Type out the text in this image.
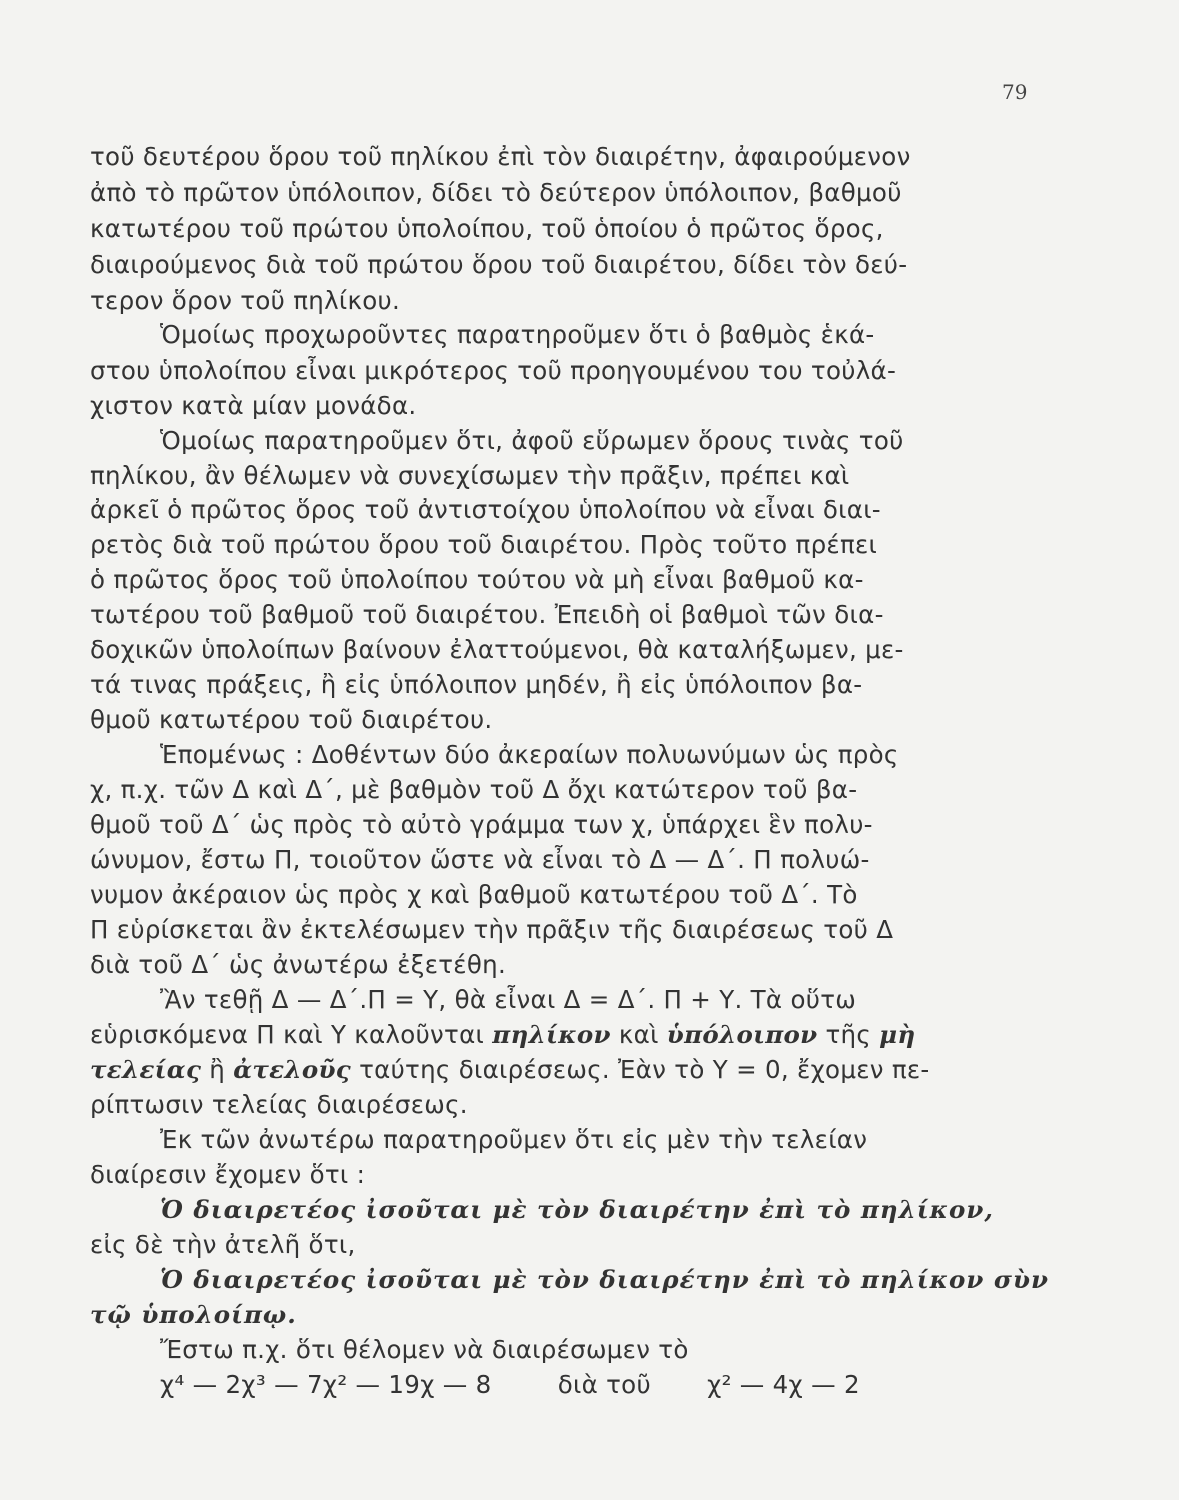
79
τοῦ δευτέρου ὅρου τοῦ πηλίκου ἐπὶ τὸν διαιρέτην, ἀφαιρούμενον
ἀπὸ τὸ πρῶτον ὑπόλοιπον, δίδει τὸ δεύτερον ὑπόλοιπον, βαθμοῦ
κατωτέρου τοῦ πρώτου ὑπολοίπου, τοῦ ὁποίου ὁ πρῶτος ὅρος,
διαιρούμενος διὰ τοῦ πρώτου ὅρου τοῦ διαιρέτου, δίδει τὸν δεύ-
τερον ὅρον τοῦ πηλίκου.
Ὁμοίως προχωροῦντες παρατηροῦμεν ὅτι ὁ βαθμὸς ἑκά-
στου ὑπολοίπου εἶναι μικρότερος τοῦ προηγουμένου του τοὐλά-
χιστον κατὰ μίαν μονάδα.
Ὁμοίως παρατηροῦμεν ὅτι, ἀφοῦ εὕρωμεν ὅρους τινὰς τοῦ
πηλίκου, ἂν θέλωμεν νὰ συνεχίσωμεν τὴν πρᾶξιν, πρέπει καὶ
ἀρκεῖ ὁ πρῶτος ὅρος τοῦ ἀντιστοίχου ὑπολοίπου νὰ εἶναι διαι-
ρετὸς διὰ τοῦ πρώτου ὅρου τοῦ διαιρέτου. Πρὸς τοῦτο πρέπει
ὁ πρῶτος ὅρος τοῦ ὑπολοίπου τούτου νὰ μὴ εἶναι βαθμοῦ κα-
τωτέρου τοῦ βαθμοῦ τοῦ διαιρέτου. Ἐπειδὴ οἱ βαθμοὶ τῶν δια-
δοχικῶν ὑπολοίπων βαίνουν ἐλαττούμενοι, θὰ καταλήξωμεν, με-
τά τινας πράξεις, ἢ εἰς ὑπόλοιπον μηδέν, ἢ εἰς ὑπόλοιπον βα-
θμοῦ κατωτέρου τοῦ διαιρέτου.
Ἑπομένως : Δοθέντων δύο ἀκεραίων πολυωνύμων ὡς πρὸς
χ, π.χ. τῶν Δ καὶ Δ΄, μὲ βαθμὸν τοῦ Δ ὄχι κατώτερον τοῦ βα-
θμοῦ τοῦ Δ΄ ὡς πρὸς τὸ αὐτὸ γράμμα των χ, ὑπάρχει ἓν πολυ-
ώνυμον, ἔστω Π, τοιοῦτον ὥστε νὰ εἶναι τὸ Δ — Δ΄. Π πολυώ-
νυμον ἀκέραιον ὡς πρὸς χ καὶ βαθμοῦ κατωτέρου τοῦ Δ΄. Τὸ
Π εὑρίσκεται ἂν ἐκτελέσωμεν τὴν πρᾶξιν τῆς διαιρέσεως τοῦ Δ
διὰ τοῦ Δ΄ ὡς ἀνωτέρω ἐξετέθη.
Ἂν τεθῇ Δ — Δ΄.Π = Υ, θὰ εἶναι Δ = Δ΄. Π + Υ. Τὰ οὕτω
εὑρισκόμενα Π καὶ Υ καλοῦνται πηλίκον καὶ ὑπόλοιπον τῆς μὴ
τελείας ἢ ἀτελοῦς ταύτης διαιρέσεως. Ἐὰν τὸ Υ = 0, ἔχομεν πε-
ρίπτωσιν τελείας διαιρέσεως.
Ἐκ τῶν ἀνωτέρω παρατηροῦμεν ὅτι εἰς μὲν τὴν τελείαν
διαίρεσιν ἔχομεν ὅτι :
Ὁ διαιρετέος ἰσοῦται μὲ τὸν διαιρέτην ἐπὶ τὸ πηλίκον,
εἰς δὲ τὴν ἀτελῆ ὅτι,
Ὁ διαιρετέος ἰσοῦται μὲ τὸν διαιρέτην ἐπὶ τὸ πηλίκον σὺν
τῷ ὑπολοίπῳ.
Ἔστω π.χ. ὅτι θέλομεν νὰ διαιρέσωμεν τὸ
χ⁴ — 2χ³ — 7χ² — 19χ — 8	διὰ τοῦ χ² — 4χ — 2
